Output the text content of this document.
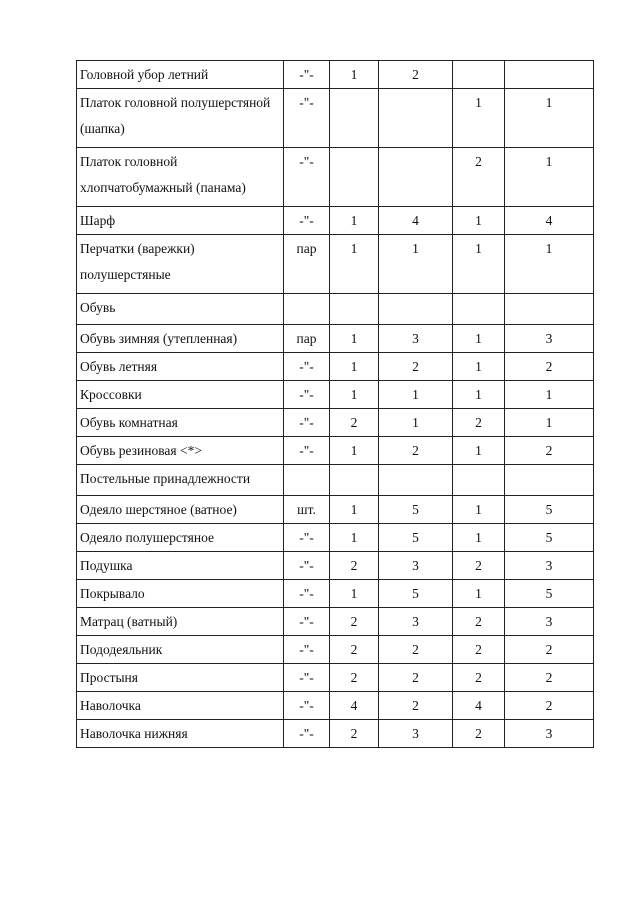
Головной убор летний	-"-	1	2		
Платок головной полушерстяной (шапка)	-"-			1	1
Платок головной хлопчатобумажный (панама)	-"-			2	1
Шарф	-"-	1	4	1	4
Перчатки (варежки) полушерстяные	пар	1	1	1	1
Обувь					
Обувь зимняя (утепленная)	пар	1	3	1	3
Обувь летняя	-"-	1	2	1	2
Кроссовки	-"-	1	1	1	1
Обувь комнатная	-"-	2	1	2	1
Обувь резиновая <*>	-"-	1	2	1	2
Постельные принадлежности					
Одеяло шерстяное (ватное)	шт.	1	5	1	5
Одеяло полушерстяное	-"-	1	5	1	5
Подушка	-"-	2	3	2	3
Покрывало	-"-	1	5	1	5
Матрац (ватный)	-"-	2	3	2	3
Пододеяльник	-"-	2	2	2	2
Простыня	-"-	2	2	2	2
Наволочка	-"-	4	2	4	2
Наволочка нижняя	-"-	2	3	2	3
